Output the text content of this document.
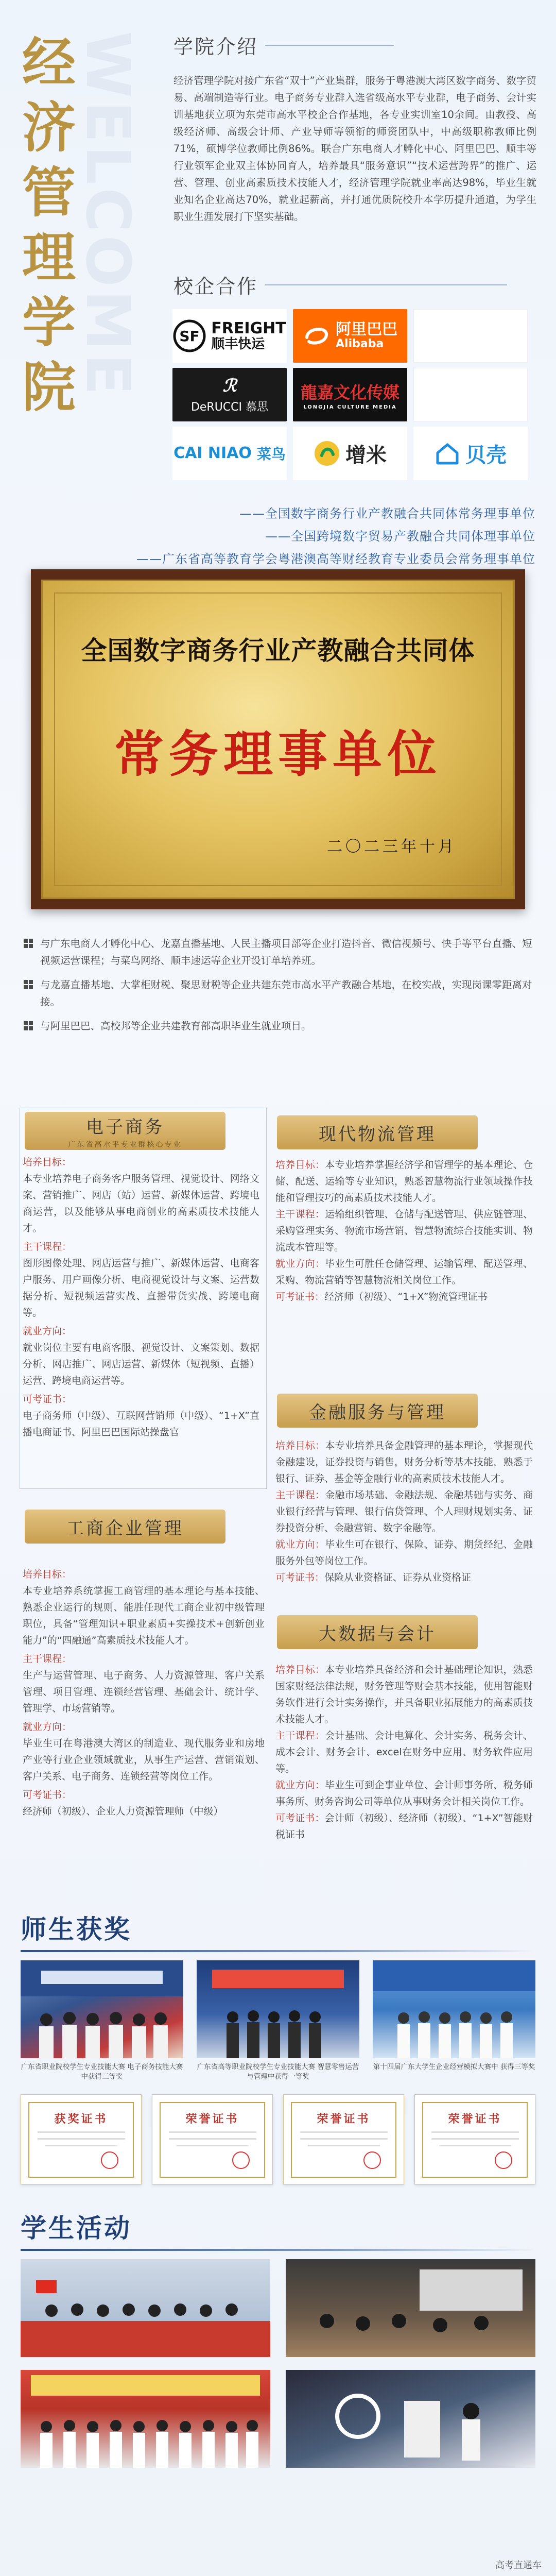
经
济
管
理
学
院
WELCOME 学院介绍

经济管理学院对接广东省“双十”产业集群，服务于粤港澳大湾区数字商务、数字贸易、高端制造等行业。电子商务专业群入选省级高水平专业群，电子商务、会计实训基地获立项为东莞市高水平校企合作基地，各专业实训室10余间。由教授、高级经济师、高级会计师、产业导师等领衔的师资团队中，中高级职称教师比例71%，硕博学位教师比例86%。联合广东电商人才孵化中心、阿里巴巴、顺丰等行业领军企业双主体协同育人，培养最具“服务意识”“技术运营跨界”的推广、运营、管理、创业高素质技术技能人才，经济管理学院就业率高达98%，毕业生就业知名企业高达70%，就业起薪高，并打通优质院校升本学历提升通道，为学生职业生涯发展打下坚实基础。

校企合作
SF FREIGHT
顺丰快运
阿里巴巴
Alibaba
ℛ
DeRUCCI 慕思
龍嘉文化传媒
LONGJIA CULTURE MEDIA
CAI NIAO 菜鸟	增米	贝壳
——全国数字商务行业产教融合共同体常务理事单位
——全国跨境数字贸易产教融合共同体理事单位
——广东省高等教育学会粤港澳高等财经教育专业委员会常务理事单位
全国数字商务行业产教融合共同体
常务理事单位
二〇二三年十月
与广东电商人才孵化中心、龙嘉直播基地、人民主播项目部等企业打造抖音、微信视频号、快手等平台直播、短视频运营课程；与菜鸟网络、顺丰速运等企业开设订单培养班。
与龙嘉直播基地、大掌柜财税、聚思财税等企业共建东莞市高水平产教融合基地，在校实战，实现岗课零距离对接。
与阿里巴巴、高校邦等企业共建教育部高职毕业生就业项目。
电子商务
广东省高水平专业群核心专业
培养目标：
本专业培养电子商务客户服务管理、视觉设计、网络文案、营销推广、网店（站）运营、新媒体运营、跨境电商运营，以及能够从事电商创业的高素质技术技能人才。
主干课程：
图形图像处理、网店运营与推广、新媒体运营、电商客户服务、用户画像分析、电商视觉设计与文案、运营数据分析、短视频运营实战、直播带货实战、跨境电商等。
就业方向：
就业岗位主要有电商客服、视觉设计、文案策划、数据分析、网店推广、网店运营、新媒体（短视频、直播）运营、跨境电商运营等。
可考证书：
电子商务师（中级）、互联网营销师（中级）、“1+X”直播电商证书、阿里巴巴国际站操盘官
工商企业管理
培养目标：
本专业培养系统掌握工商管理的基本理论与基本技能、熟悉企业运行的规则、能胜任现代工商企业初中级管理职位，具备“管理知识+职业素质+实操技术+创新创业能力”的“四融通”高素质技术技能人才。
主干课程：
生产与运营管理、电子商务、人力资源管理、客户关系管理、项目管理、连锁经营管理、基础会计、统计学、管理学、市场营销等。
就业方向：
毕业生可在粤港澳大湾区的制造业、现代服务业和房地产业等行业企业领域就业，从事生产运营、营销策划、客户关系、电子商务、连锁经营等岗位工作。
可考证书：
经济师（初级）、企业人力资源管理师（中级）
现代物流管理
培养目标：本专业培养掌握经济学和管理学的基本理论、仓储、配送、运输等专业知识，熟悉智慧物流行业领域操作技能和管理技巧的高素质技术技能人才。
主干课程：运输组织管理、仓储与配送管理、供应链管理、采购管理实务、物流市场营销、智慧物流综合技能实训、物流成本管理等。
就业方向：毕业生可胜任仓储管理、运输管理、配送管理、采购、物流营销等智慧物流相关岗位工作。
可考证书：经济师（初级）、“1+X”物流管理证书
金融服务与管理
培养目标：本专业培养具备金融管理的基本理论，掌握现代金融建设，证券投资与销售，财务分析等基本技能，熟悉于银行、证券、基金等金融行业的高素质技术技能人才。
主干课程：金融市场基础、金融法规、金融基础与实务、商业银行经营与管理、银行信贷管理、个人理财规划实务、证券投资分析、金融营销、数字金融等。
就业方向：毕业生可在银行、保险、证券、期货经纪、金融服务外包等岗位工作。
可考证书：保险从业资格证、证券从业资格证
大数据与会计
培养目标：本专业培养具备经济和会计基础理论知识，熟悉国家财经法律法规，财务管理等财会基本技能，使用智能财务软件进行会计实务操作，并具备职业拓展能力的高素质技术技能人才。
主干课程：会计基础、会计电算化、会计实务、税务会计、成本会计、财务会计、excel在财务中应用、财务软件应用等。
就业方向：毕业生可到企事业单位、会计师事务所、税务师事务所、财务咨询公司等单位从事财务会计相关岗位工作。
可考证书：会计师（初级）、经济师（初级）、“1+X”智能财税证书
师生获奖
广东省职业院校学生专业技能大赛 电子商务技能大赛中获得三等奖
广东省高等职业院校学生专业技能大赛 智慧零售运营与管理中获得一等奖
第十四届广东大学生企业经营模拟大赛中 获得三等奖
获奖证书	荣誉证书	荣誉证书	荣誉证书
学生活动
高考直通车
